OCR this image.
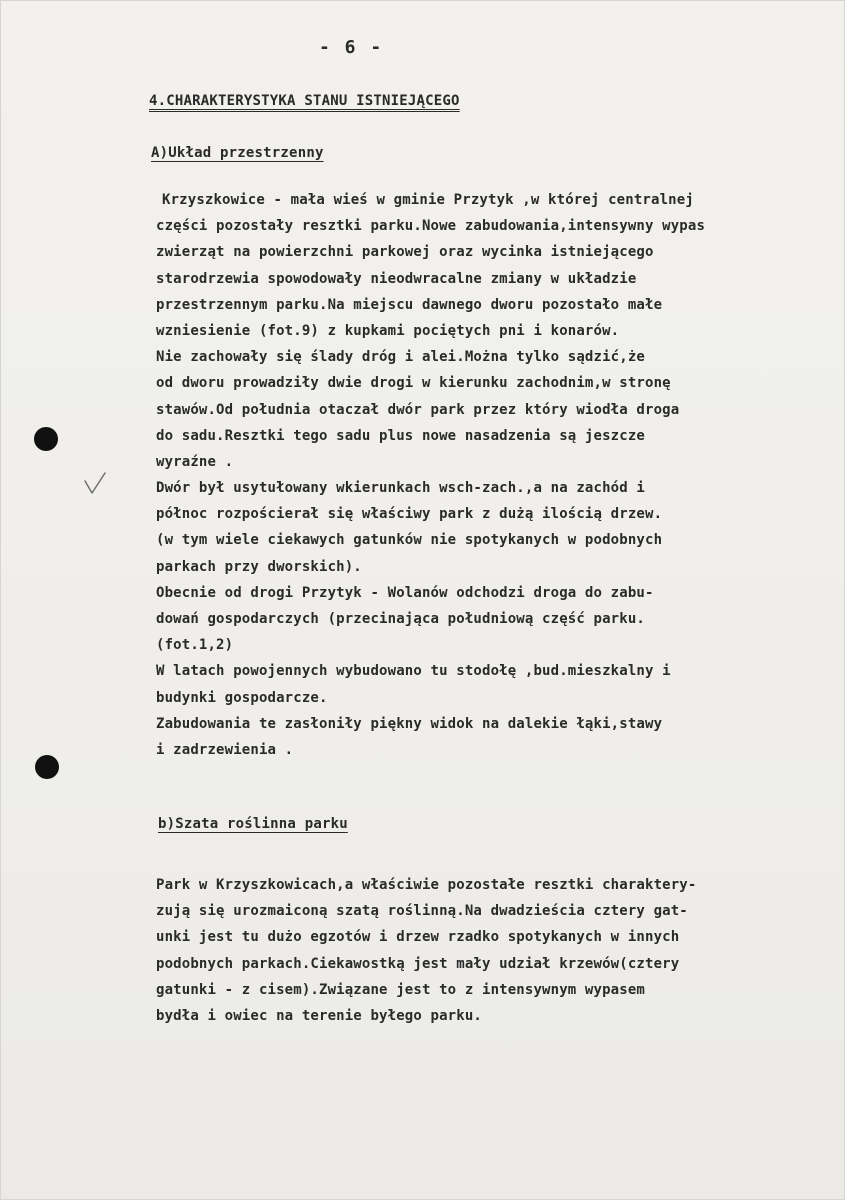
- 6 -
4.CHARAKTERYSTYKA STANU ISTNIEJĄCEGO
A)Układ przestrzenny
Krzyszkowice - mała wieś w gminie Przytyk ,w której centralnej
części pozostały resztki parku.Nowe zabudowania,intensywny wypas
zwierząt na powierzchni parkowej oraz wycinka istniejącego
starodrzewia spowodowały nieodwracalne zmiany w układzie
przestrzennym parku.Na miejscu dawnego dworu pozostało małe
wzniesienie (fot.9) z kupkami pociętych pni i konarów.
Nie zachowały się ślady dróg i alei.Można tylko sądzić,że
od dworu prowadziły dwie drogi w kierunku zachodnim,w stronę
stawów.Od południa otaczał dwór park przez który wiodła droga
do sadu.Resztki tego sadu plus nowe nasadzenia są jeszcze
wyraźne .
Dwór był usytułowany wkierunkach wsch-zach.,a na zachód i
północ rozpościerał się właściwy park z dużą ilością drzew.
(w tym wiele ciekawych gatunków nie spotykanych w podobnych
parkach przy dworskich).
Obecnie od drogi Przytyk - Wolanów odchodzi droga do zabu-
dowań gospodarczych (przecinająca południową część parku.
(fot.1,2)
W latach powojennych wybudowano tu stodołę ,bud.mieszkalny i
budynki gospodarcze.
Zabudowania te zasłoniły piękny widok na dalekie łąki,stawy
i zadrzewienia .
b)Szata roślinna parku
Park w Krzyszkowicach,a właściwie pozostałe resztki charaktery-
zują się urozmaiconą szatą roślinną.Na dwadzieścia cztery gat-
unki jest tu dużo egzotów i drzew rzadko spotykanych w innych
podobnych parkach.Ciekawostką jest mały udział krzewów(cztery
gatunki - z cisem).Związane jest to z intensywnym wypasem
bydła i owiec na terenie byłego parku.
